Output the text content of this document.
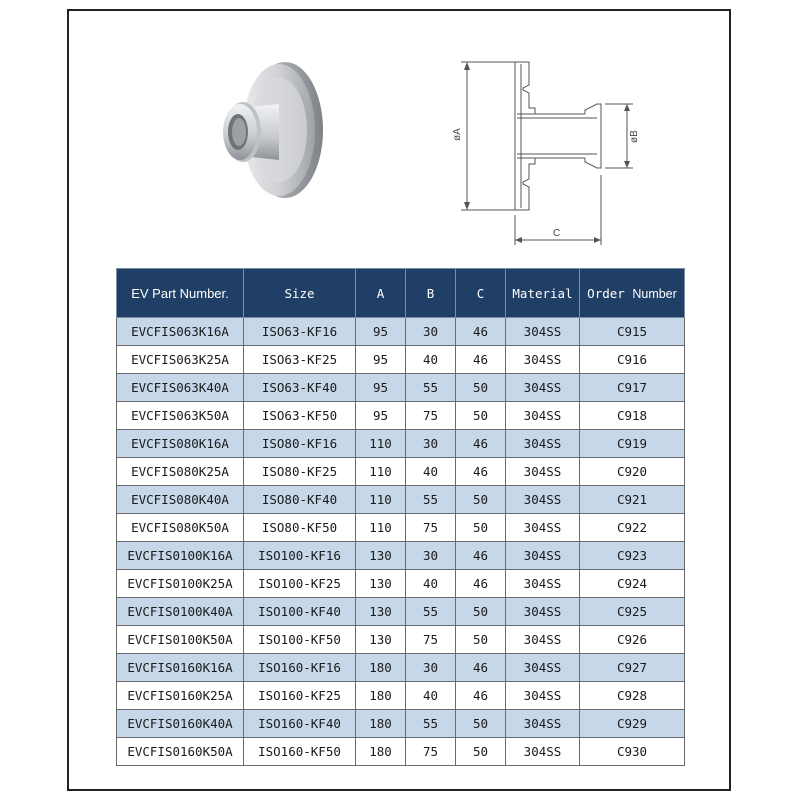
øA	øB
C
EV Part Number.	Size	A	B	C	Material	Order Number
EVCFIS063K16A	ISO63-KF16	95	30	46	304SS	C915
EVCFIS063K25A	ISO63-KF25	95	40	46	304SS	C916
EVCFIS063K40A	ISO63-KF40	95	55	50	304SS	C917
EVCFIS063K50A	ISO63-KF50	95	75	50	304SS	C918
EVCFIS080K16A	ISO80-KF16	110	30	46	304SS	C919
EVCFIS080K25A	ISO80-KF25	110	40	46	304SS	C920
EVCFIS080K40A	ISO80-KF40	110	55	50	304SS	C921
EVCFIS080K50A	ISO80-KF50	110	75	50	304SS	C922
EVCFIS0100K16A	ISO100-KF16	130	30	46	304SS	C923
EVCFIS0100K25A	ISO100-KF25	130	40	46	304SS	C924
EVCFIS0100K40A	ISO100-KF40	130	55	50	304SS	C925
EVCFIS0100K50A	ISO100-KF50	130	75	50	304SS	C926
EVCFIS0160K16A	ISO160-KF16	180	30	46	304SS	C927
EVCFIS0160K25A	ISO160-KF25	180	40	46	304SS	C928
EVCFIS0160K40A	ISO160-KF40	180	55	50	304SS	C929
EVCFIS0160K50A	ISO160-KF50	180	75	50	304SS	C930
